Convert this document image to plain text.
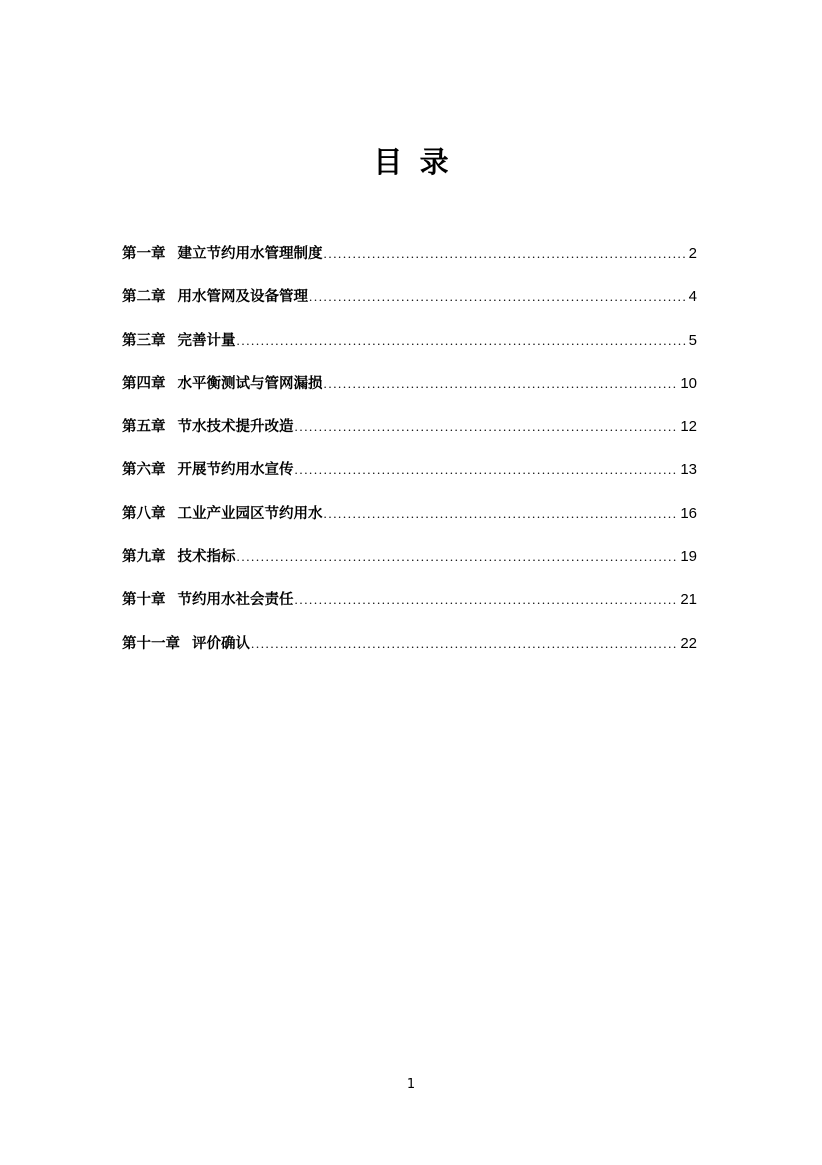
目 录
第一章 建立节约用水管理制度 .....	2
第二章 用水管网及设备管理 .....	4
第三章 完善计量 .....	5
第四章 水平衡测试与管网漏损 .....	10
第五章 节水技术提升改造 .....	12
第六章 开展节约用水宣传 .....	13
第八章 工业产业园区节约用水 .....	16
第九章 技术指标 .....	19
第十章 节约用水社会责任 .....	21
第十一章 评价确认 .....	22
1
